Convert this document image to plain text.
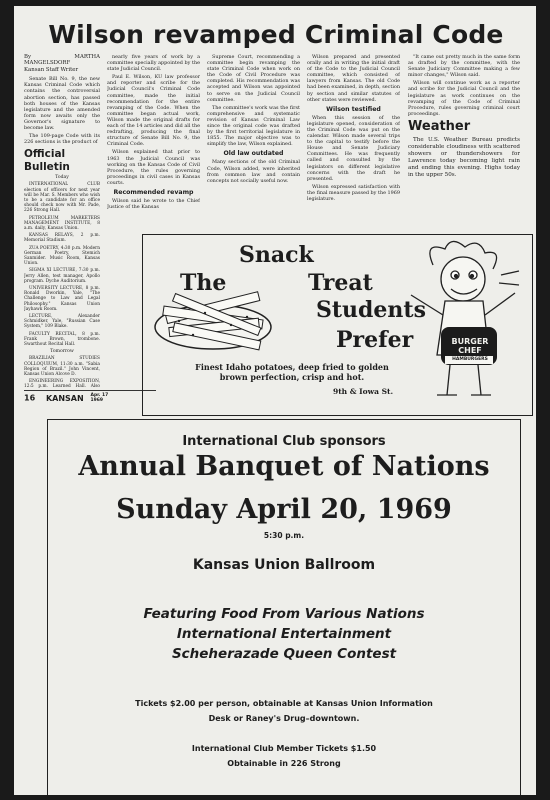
Wilson revamped Criminal Code
By MARTHA MANGELSDORF
Kansan Staff Writer

Senate Bill No. 9, the new Kansas Criminal Code which contains the controversial abortion section, has passed both houses of the Kansas legislature and the amended form now awaits only the Governor's signature to become law.

The 109-page Code with its 226 sections is the product of

Official Bulletin
Today

INTERNATIONAL CLUB election of officers for next year will be Mar. S. Members who wish to be a candidate for an office should check now with Mr. Pade, 226 Strong Hall.

PETROLEUM MARKETERS MANAGEMENT INSTITUTE, 8 a.m. daily, Kansas Union.

KANSAS RELAYS, 2 p.m. Memorial Stadium.

ZUA POETRY, 4:30 p.m. Modern German Poetry, Stemich Sanmider. Music Room, Kansas Union.

SIGMA XI LECTURE, 7:30 p.m. Jerry Allen, test manager, Apollo program. Dyche Auditorium.

UNIVERSITY LECTURE, 8 p.m. Ronald Dworkin, Yale, "The Challenge to Law and Legal Philosophy." Kansas Union Jayhawk Room.

LECTURE, Alexander Schmidker, Yale, "Russian Case System," 109 Blake.

FACULTY RECITAL, 8 p.m. Frank Brown, trombone. Swarthout Recital Hall.

Tomorrow

BRAZILIAN STUDIES COLLOQUIUM, 11:30 a.m. "Sabia Region of Brazil." John Vincent, Kansas Union Alcove D.

ENGINEERING EXPOSITION, 12:5 p.m. Learned Hall. Also

16 KANSAN Apr. 17
1969

nearly five years of work by a committee specially appointed by the state Judicial Council.

Paul E. Wilson, KU law professor and reporter and scribe for the Judicial Council's Criminal Code committee, made the initial recommendation for the entire revamping of the Code. When the committee began actual work, Wilson made the original drafts for each of the 14 articles and did all the redrafting, producing the final structure of Senate Bill No. 9, the Criminal Code.

Wilson explained that prior to 1963 the Judicial Council was working on the Kansas Code of Civil Procedure, the rules governing proceedings in civil cases in Kansas courts.

Recommended revamp

Wilson said he wrote to the Chief Justice of the Kansas

Supreme Court, recommending a committee begin revamping the state Criminal Code when work on the Code of Civil Procedure was completed. His recommendation was accepted and Wilson was appointed to serve on the Judicial Council committee.

The committee's work was the first comprehensive and systematic revision of Kansas Criminal Law since the original code was drafted by the first territorial legislature in 1855. The major objective was to simplify the law, Wilson explained.

Old law outdated

Many sections of the old Criminal Code, Wilson added, were inherited from common law and contain concepts not socially useful now.

Wilson prepared and presented orally and in writing the initial draft of the Code to the Judicial Council committee, which consisted of lawyers from Kansas. The old Code had been examined, in depth, section by section and similar statutes of other states were reviewed.

Wilson testified

When this session of the legislature opened, consideration of the Criminal Code was put on the calendar. Wilson made several trips to the capital to testify before the House and Senate Judiciary Committees. He was frequently called and consulted by the legislators on different legislative concerns with the draft he presented.

Wilson expressed satisfaction with the final measure passed by the 1969 legislature.

"It came out pretty much in the same form as drafted by the committee, with the Senate Judiciary Committee making a few minor changes," Wilson said.

Wilson will continue work as a reporter and scribe for the Judicial Council and the legislature as work continues on the revamping of the Code of Criminal Procedure, rules governing criminal court proceedings.

Weather

The U.S. Weather Bureau predicts considerable cloudiness with scattered showers or thundershowers for Lawrence today becoming light rain and ending this evening. Highs today in the upper 50s.

The
Snack
Treat
Students
Prefer
Finest Idaho potatoes, deep fried to golden brown perfection, crisp and hot.
9th & Iowa St.
BURGER
CHEF
HAMBURGERS
International Club sponsors
Annual Banquet of Nations
Sunday April 20, 1969
5:30 p.m.
Kansas Union Ballroom
Featuring Food From Various Nations
International Entertainment
Scheherazade Queen Contest
Tickets $2.00 per person, obtainable at Kansas Union Information
Desk or Raney's Drug–downtown.
International Club Member Tickets $1.50
Obtainable in 226 Strong
